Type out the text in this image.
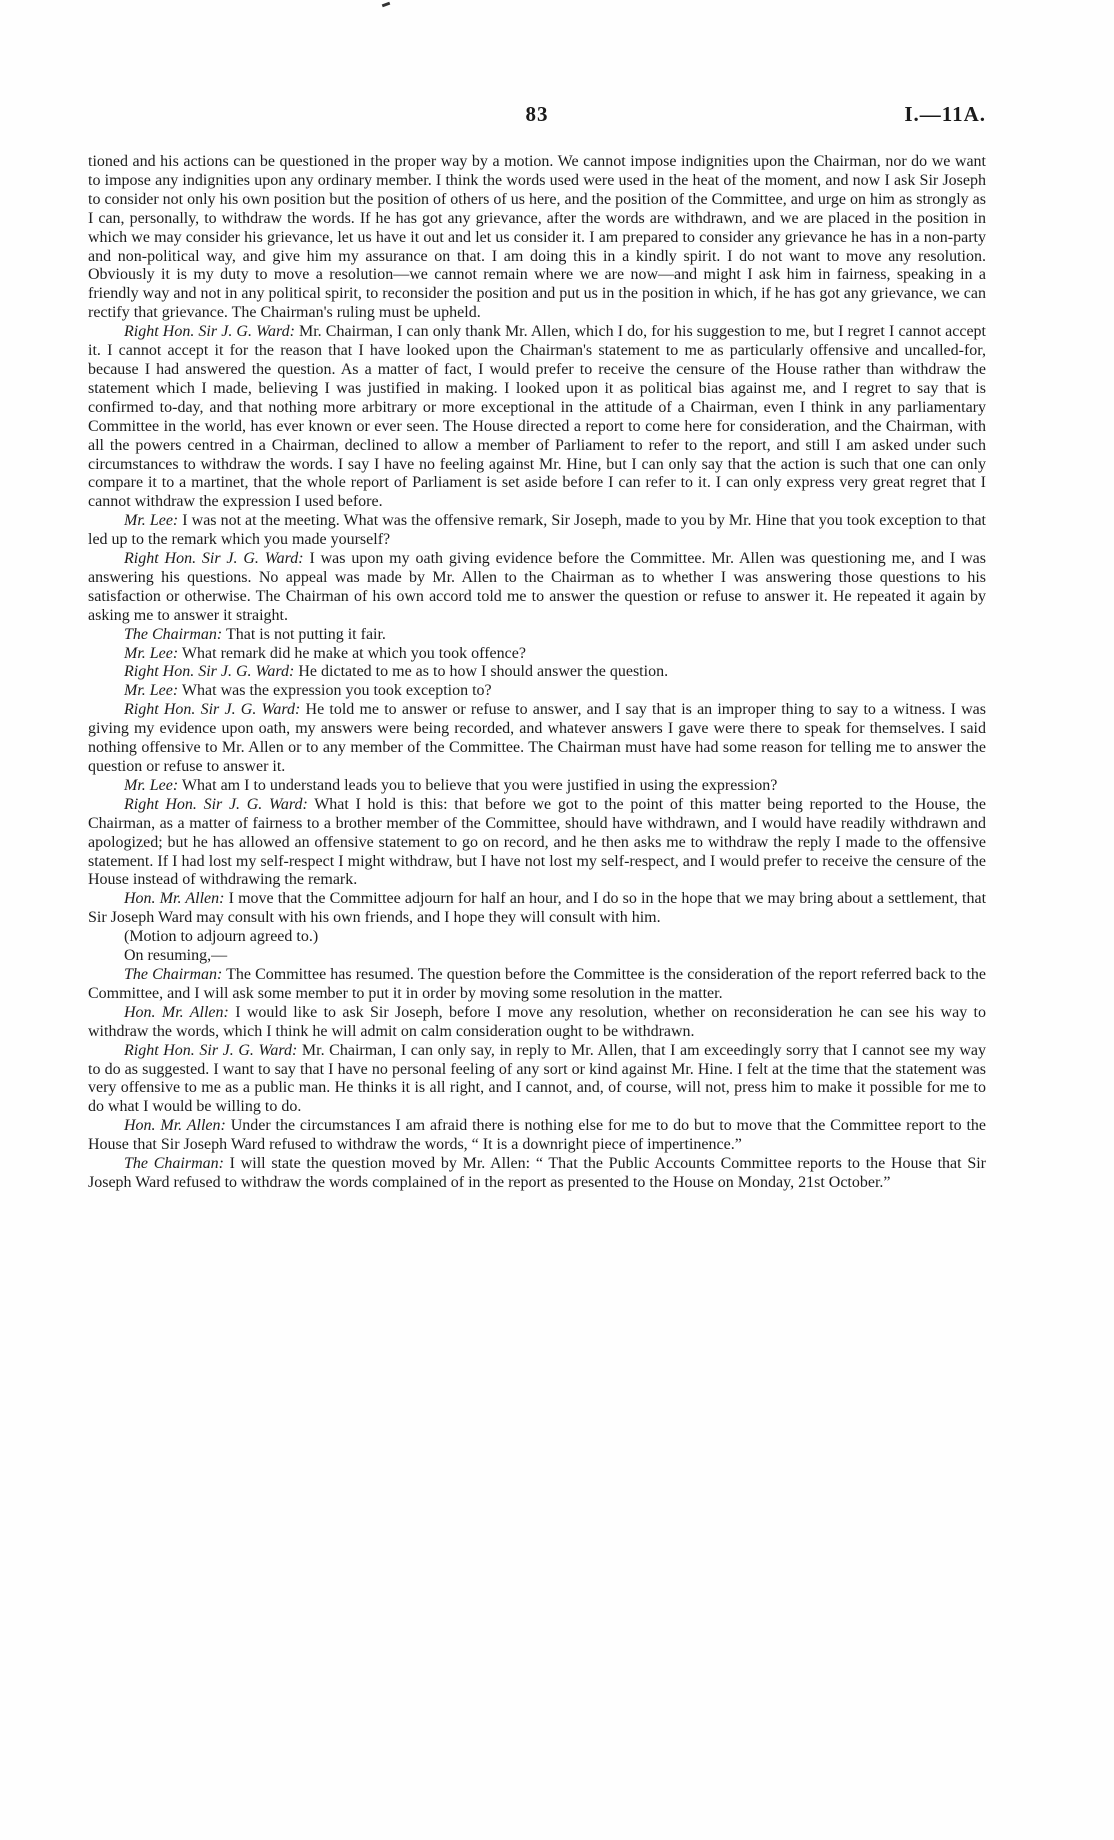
83	I.—11A.

tioned and his actions can be questioned in the proper way by a motion. We cannot impose indignities upon the Chairman, nor do we want to impose any indignities upon any ordinary member. I think the words used were used in the heat of the moment, and now I ask Sir Joseph to consider not only his own position but the position of others of us here, and the position of the Committee, and urge on him as strongly as I can, personally, to withdraw the words. If he has got any grievance, after the words are withdrawn, and we are placed in the position in which we may consider his grievance, let us have it out and let us consider it. I am prepared to consider any grievance he has in a non-party and non-political way, and give him my assurance on that. I am doing this in a kindly spirit. I do not want to move any resolution. Obviously it is my duty to move a resolution—we cannot remain where we are now—and might I ask him in fairness, speaking in a friendly way and not in any political spirit, to reconsider the position and put us in the position in which, if he has got any grievance, we can rectify that grievance. The Chairman's ruling must be upheld.

Right Hon. Sir J. G. Ward: Mr. Chairman, I can only thank Mr. Allen, which I do, for his suggestion to me, but I regret I cannot accept it. I cannot accept it for the reason that I have looked upon the Chairman's statement to me as particularly offensive and uncalled-for, because I had answered the question. As a matter of fact, I would prefer to receive the censure of the House rather than withdraw the statement which I made, believing I was justified in making. I looked upon it as political bias against me, and I regret to say that is confirmed to-day, and that nothing more arbitrary or more exceptional in the attitude of a Chairman, even I think in any parliamentary Committee in the world, has ever known or ever seen. The House directed a report to come here for consideration, and the Chairman, with all the powers centred in a Chairman, declined to allow a member of Parliament to refer to the report, and still I am asked under such circumstances to withdraw the words. I say I have no feeling against Mr. Hine, but I can only say that the action is such that one can only compare it to a martinet, that the whole report of Parliament is set aside before I can refer to it. I can only express very great regret that I cannot withdraw the expression I used before.

Mr. Lee: I was not at the meeting. What was the offensive remark, Sir Joseph, made to you by Mr. Hine that you took exception to that led up to the remark which you made yourself?

Right Hon. Sir J. G. Ward: I was upon my oath giving evidence before the Committee. Mr. Allen was questioning me, and I was answering his questions. No appeal was made by Mr. Allen to the Chairman as to whether I was answering those questions to his satisfaction or otherwise. The Chairman of his own accord told me to answer the question or refuse to answer it. He repeated it again by asking me to answer it straight.

The Chairman: That is not putting it fair.

Mr. Lee: What remark did he make at which you took offence?

Right Hon. Sir J. G. Ward: He dictated to me as to how I should answer the question.

Mr. Lee: What was the expression you took exception to?

Right Hon. Sir J. G. Ward: He told me to answer or refuse to answer, and I say that is an improper thing to say to a witness. I was giving my evidence upon oath, my answers were being recorded, and whatever answers I gave were there to speak for themselves. I said nothing offensive to Mr. Allen or to any member of the Committee. The Chairman must have had some reason for telling me to answer the question or refuse to answer it.

Mr. Lee: What am I to understand leads you to believe that you were justified in using the expression?

Right Hon. Sir J. G. Ward: What I hold is this: that before we got to the point of this matter being reported to the House, the Chairman, as a matter of fairness to a brother member of the Committee, should have withdrawn, and I would have readily withdrawn and apologized; but he has allowed an offensive statement to go on record, and he then asks me to withdraw the reply I made to the offensive statement. If I had lost my self-respect I might withdraw, but I have not lost my self-respect, and I would prefer to receive the censure of the House instead of withdrawing the remark.

Hon. Mr. Allen: I move that the Committee adjourn for half an hour, and I do so in the hope that we may bring about a settlement, that Sir Joseph Ward may consult with his own friends, and I hope they will consult with him.

(Motion to adjourn agreed to.)

On resuming,—

The Chairman: The Committee has resumed. The question before the Committee is the consideration of the report referred back to the Committee, and I will ask some member to put it in order by moving some resolution in the matter.

Hon. Mr. Allen: I would like to ask Sir Joseph, before I move any resolution, whether on reconsideration he can see his way to withdraw the words, which I think he will admit on calm consideration ought to be withdrawn.

Right Hon. Sir J. G. Ward: Mr. Chairman, I can only say, in reply to Mr. Allen, that I am exceedingly sorry that I cannot see my way to do as suggested. I want to say that I have no personal feeling of any sort or kind against Mr. Hine. I felt at the time that the statement was very offensive to me as a public man. He thinks it is all right, and I cannot, and, of course, will not, press him to make it possible for me to do what I would be willing to do.

Hon. Mr. Allen: Under the circumstances I am afraid there is nothing else for me to do but to move that the Committee report to the House that Sir Joseph Ward refused to withdraw the words, “ It is a downright piece of impertinence.”

The Chairman: I will state the question moved by Mr. Allen: “ That the Public Accounts Committee reports to the House that Sir Joseph Ward refused to withdraw the words complained of in the report as presented to the House on Monday, 21st October.”
